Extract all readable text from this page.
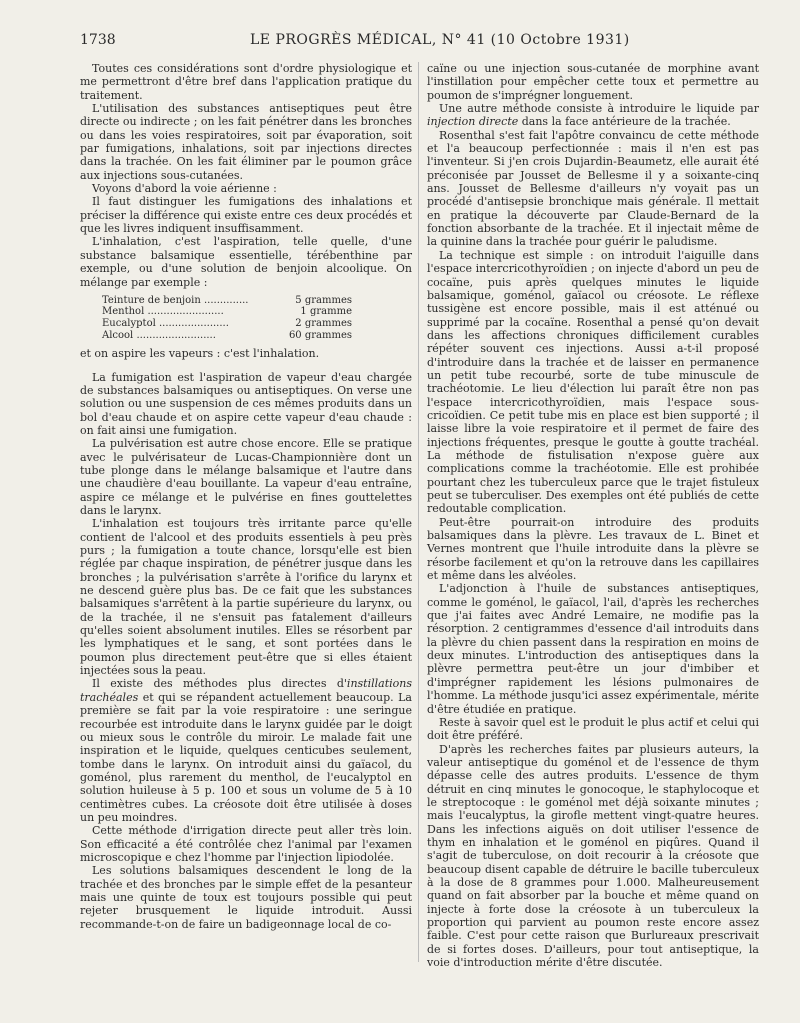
1738	LE PROGRÈS MÉDICAL, N° 41 (10 Octobre 1931)

Toutes ces considérations sont d'ordre physiologique et me permettront d'être bref dans l'application pratique du traitement.

L'utilisation des substances antiseptiques peut être directe ou indirecte ; on les fait pénétrer dans les bronches ou dans les voies respiratoires, soit par évaporation, soit par fumigations, inhalations, soit par injections directes dans la trachée. On les fait éliminer par le poumon grâce aux injections sous-cutanées.

Voyons d'abord la voie aérienne :

Il faut distinguer les fumigations des inhalations et préciser la différence qui existe entre ces deux procédés et que les livres indiquent insuffisamment.

L'inhalation, c'est l'aspiration, telle quelle, d'une substance balsamique essentielle, térébenthine par exemple, ou d'une solution de benjoin alcoolique. On mélange par exemple :

Teinture de benjoin ..............	5 grammes
Menthol ........................	1 gramme
Eucalyptol ......................	2 grammes
Alcool .........................	60 grammes

et on aspire les vapeurs : c'est l'inhalation.

La fumigation est l'aspiration de vapeur d'eau chargée de substances balsamiques ou antiseptiques. On verse une solution ou une suspension de ces mêmes produits dans un bol d'eau chaude et on aspire cette vapeur d'eau chaude : on fait ainsi une fumigation.

La pulvérisation est autre chose encore. Elle se pratique avec le pulvérisateur de Lucas-Championnière dont un tube plonge dans le mélange balsamique et l'autre dans une chaudière d'eau bouillante. La vapeur d'eau entraîne, aspire ce mélange et le pulvérise en fines gouttelettes dans le larynx.

L'inhalation est toujours très irritante parce qu'elle contient de l'alcool et des produits essentiels à peu près purs ; la fumigation a toute chance, lorsqu'elle est bien réglée par chaque inspiration, de pénétrer jusque dans les bronches ; la pulvérisation s'arrête à l'orifice du larynx et ne descend guère plus bas. De ce fait que les substances balsamiques s'arrêtent à la partie supérieure du larynx, ou de la trachée, il ne s'ensuit pas fatalement d'ailleurs qu'elles soient absolument inutiles. Elles se résorbent par les lymphatiques et le sang, et sont portées dans le poumon plus directement peut-être que si elles étaient injectées sous la peau.

Il existe des méthodes plus directes d'instillations trachéales et qui se répandent actuellement beaucoup. La première se fait par la voie respiratoire : une seringue recourbée est introduite dans le larynx guidée par le doigt ou mieux sous le contrôle du miroir. Le malade fait une inspiration et le liquide, quelques centicubes seulement, tombe dans le larynx. On introduit ainsi du gaïacol, du goménol, plus rarement du menthol, de l'eucalyptol en solution huileuse à 5 p. 100 et sous un volume de 5 à 10 centimètres cubes. La créosote doit être utilisée à doses un peu moindres.

Cette méthode d'irrigation directe peut aller très loin. Son efficacité a été contrôlée chez l'animal par l'examen microscopique e chez l'homme par l'injection lipiodolée.

Les solutions balsamiques descendent le long de la trachée et des bronches par le simple effet de la pesanteur mais une quinte de toux est toujours possible qui peut rejeter brusquement le liquide introduit. Aussi recommande-t-on de faire un badigeonnage local de co-

caïne ou une injection sous-cutanée de morphine avant l'instillation pour empêcher cette toux et permettre au poumon de s'imprégner longuement.

Une autre méthode consiste à introduire le liquide par injection directe dans la face antérieure de la trachée.

Rosenthal s'est fait l'apôtre convaincu de cette méthode et l'a beaucoup perfectionnée : mais il n'en est pas l'inventeur. Si j'en crois Dujardin-Beaumetz, elle aurait été préconisée par Jousset de Bellesme il y a soixante-cinq ans. Jousset de Bellesme d'ailleurs n'y voyait pas un procédé d'antisepsie bronchique mais générale. Il mettait en pratique la découverte par Claude-Bernard de la fonction absorbante de la trachée. Et il injectait même de la quinine dans la trachée pour guérir le paludisme.

La technique est simple : on introduit l'aiguille dans l'espace intercricothyroïdien ; on injecte d'abord un peu de cocaïne, puis après quelques minutes le liquide balsamique, goménol, gaïacol ou créosote. Le réflexe tussigène est encore possible, mais il est atténué ou supprimé par la cocaïne. Rosenthal a pensé qu'on devait dans les affections chroniques difficilement curables répéter souvent ces injections. Aussi a-t-il proposé d'introduire dans la trachée et de laisser en permanence un petit tube recourbé, sorte de tube minuscule de trachéotomie. Le lieu d'élection lui paraît être non pas l'espace intercricothyroïdien, mais l'espace sous-cricoïdien. Ce petit tube mis en place est bien supporté ; il laisse libre la voie respiratoire et il permet de faire des injections fréquentes, presque le goutte à goutte trachéal. La méthode de fistulisation n'expose guère aux complications comme la trachéotomie. Elle est prohibée pourtant chez les tuberculeux parce que le trajet fistuleux peut se tuberculiser. Des exemples ont été publiés de cette redoutable complication.

Peut-être pourrait-on introduire des produits balsamiques dans la plèvre. Les travaux de L. Binet et Vernes montrent que l'huile introduite dans la plèvre se résorbe facilement et qu'on la retrouve dans les capillaires et même dans les alvéoles.

L'adjonction à l'huile de substances antiseptiques, comme le goménol, le gaïacol, l'ail, d'après les recherches que j'ai faites avec André Lemaire, ne modifie pas la résorption. 2 centigrammes d'essence d'ail introduits dans la plèvre du chien passent dans la respiration en moins de deux minutes. L'introduction des antiseptiques dans la plèvre permettra peut-être un jour d'imbiber et d'imprégner rapidement les lésions pulmonaires de l'homme. La méthode jusqu'ici assez expérimentale, mérite d'être étudiée en pratique.

Reste à savoir quel est le produit le plus actif et celui qui doit être préféré.

D'après les recherches faites par plusieurs auteurs, la valeur antiseptique du goménol et de l'essence de thym dépasse celle des autres produits. L'essence de thym détruit en cinq minutes le gonocoque, le staphylocoque et le streptocoque : le goménol met déjà soixante minutes ; mais l'eucalyptus, la girofle mettent vingt-quatre heures. Dans les infections aiguës on doit utiliser l'essence de thym en inhalation et le goménol en piqûres. Quand il s'agit de tuberculose, on doit recourir à la créosote que beaucoup disent capable de détruire le bacille tuberculeux à la dose de 8 grammes pour 1.000. Malheureusement quand on fait absorber par la bouche et même quand on injecte à forte dose la créosote à un tuberculeux la proportion qui parvient au poumon reste encore assez faible. C'est pour cette raison que Burlureaux prescrivait de si fortes doses. D'ailleurs, pour tout antiseptique, la voie d'introduction mérite d'être discutée.
